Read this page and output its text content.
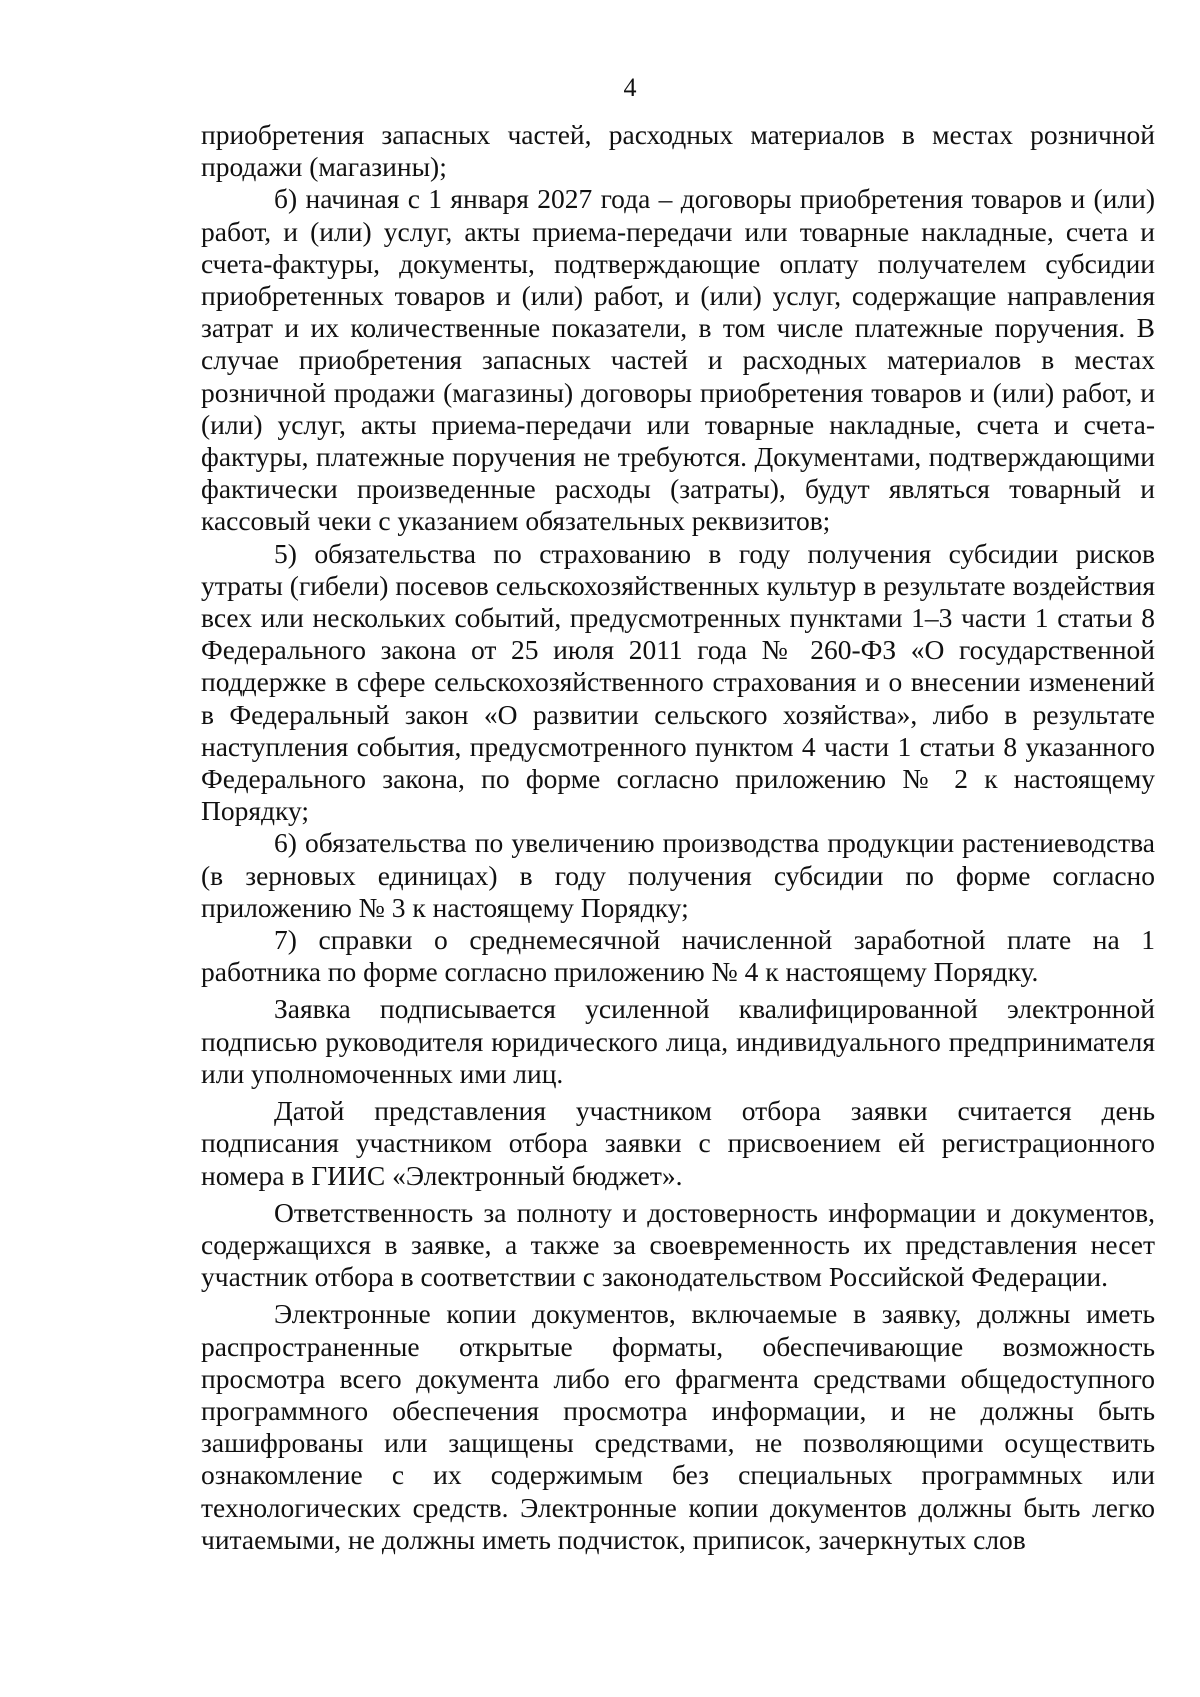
4

приобретения запасных частей, расходных материалов в местах розничной продажи (магазины);

б) начиная с 1 января 2027 года – договоры приобретения товаров и (или) работ, и (или) услуг, акты приема-передачи или товарные накладные, счета и счета-фактуры, документы, подтверждающие оплату получателем субсидии приобретенных товаров и (или) работ, и (или) услуг, содержащие направления затрат и их количественные показатели, в том числе платежные поручения. В случае приобретения запасных частей и расходных материалов в местах розничной продажи (магазины) договоры приобретения товаров и (или) работ, и (или) услуг, акты приема-передачи или товарные накладные, счета и счета-фактуры, платежные поручения не требуются. Документами, подтверждающими фактически произведенные расходы (затраты), будут являться товарный и кассовый чеки с указанием обязательных реквизитов;

5) обязательства по страхованию в году получения субсидии рисков утраты (гибели) посевов сельскохозяйственных культур в результате воздействия всех или нескольких событий, предусмотренных пунктами 1–3 части 1 статьи 8 Федерального закона от 25 июля 2011 года № 260-ФЗ «О государственной поддержке в сфере сельскохозяйственного страхования и о внесении изменений в Федеральный закон «О развитии сельского хозяйства», либо в результате наступления события, предусмотренного пунктом 4 части 1 статьи 8 указанного Федерального закона, по форме согласно приложению № 2 к настоящему Порядку;

6) обязательства по увеличению производства продукции растениеводства (в зерновых единицах) в году получения субсидии по форме согласно приложению № 3 к настоящему Порядку;

7) справки о среднемесячной начисленной заработной плате на 1 работника по форме согласно приложению № 4 к настоящему Порядку.

Заявка подписывается усиленной квалифицированной электронной подписью руководителя юридического лица, индивидуального предпринимателя или уполномоченных ими лиц.

Датой представления участником отбора заявки считается день подписания участником отбора заявки с присвоением ей регистрационного номера в ГИИС «Электронный бюджет».

Ответственность за полноту и достоверность информации и документов, содержащихся в заявке, а также за своевременность их представления несет участник отбора в соответствии с законодательством Российской Федерации.

Электронные копии документов, включаемые в заявку, должны иметь распространенные открытые форматы, обеспечивающие возможность просмотра всего документа либо его фрагмента средствами общедоступного программного обеспечения просмотра информации, и не должны быть зашифрованы или защищены средствами, не позволяющими осуществить ознакомление с их содержимым без специальных программных или технологических средств. Электронные копии документов должны быть легко читаемыми, не должны иметь подчисток, приписок, зачеркнутых слов
